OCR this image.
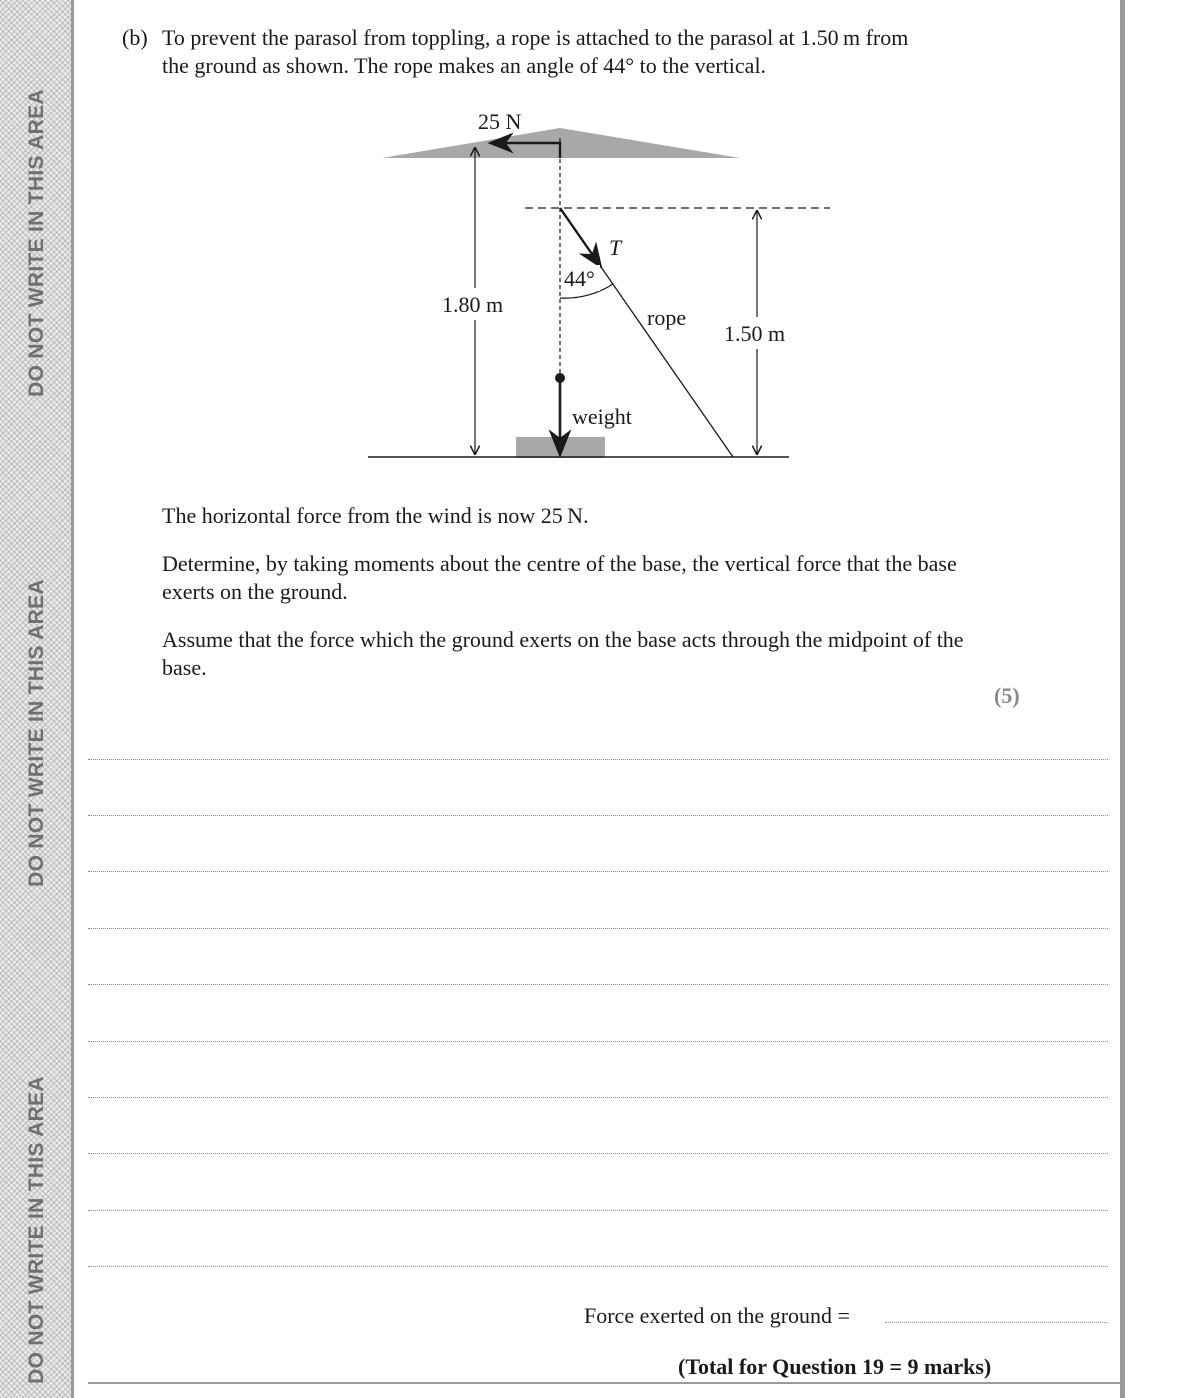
DO NOT WRITE IN THIS AREA
DO NOT WRITE IN THIS AREA
DO NOT WRITE IN THIS AREA
(b) To prevent the parasol from toppling, a rope is attached to the parasol at 1.50 m from
the ground as shown. The rope makes an angle of 44° to the vertical.
25 N
1.80 m
T
44°
rope
1.50 m
weight
The horizontal force from the wind is now 25 N.
Determine, by taking moments about the centre of the base, the vertical force that the base exerts on the ground.
Assume that the force which the ground exerts on the base acts through the midpoint of the base.
(5)
Force exerted on the ground =
(Total for Question 19 = 9 marks)
